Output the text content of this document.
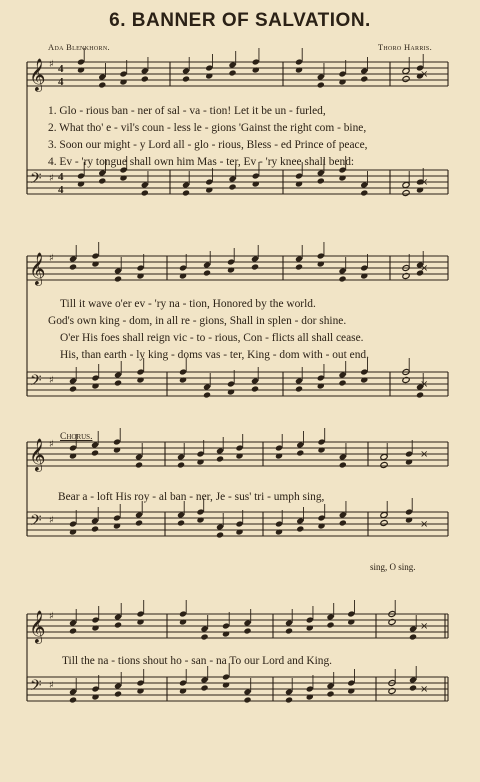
6. BANNER OF SALVATION.
Ada Blenkhorn.	Thoro Harris.
𝄞 ♯ 4
4
×
𝄢 ♯ 4
4
×
𝄞 ♯
×
𝄢 ♯	×
𝄞 ♯
×
𝄢 ♯	×
𝄞 ♯
×
𝄢 ♯	×
1. Glo - rious ban - ner of sal - va - tion! Let it be un - furled,
2. What tho' e - vil's coun - less le - gions 'Gainst the right com - bine,
3. Soon our might - y Lord all - glo - rious, Bless - ed Prince of peace,
4. Ev - 'ry tongue shall own him Mas - ter, Ev - 'ry knee shall bend:
Till it wave o'er ev - 'ry na - tion, Honored by the world.
God's own king - dom, in all re - gions, Shall in splen - dor shine.
O'er His foes shall reign vic - to - rious, Con - flicts all shall cease.
His, than earth - ly king - doms vas - ter, King - dom with - out end.
Chorus.
Bear a - loft His roy - al ban - ner, Je - sus' tri - umph sing,
sing, O sing.
Till the na - tions shout ho - san - na To our Lord and King.
